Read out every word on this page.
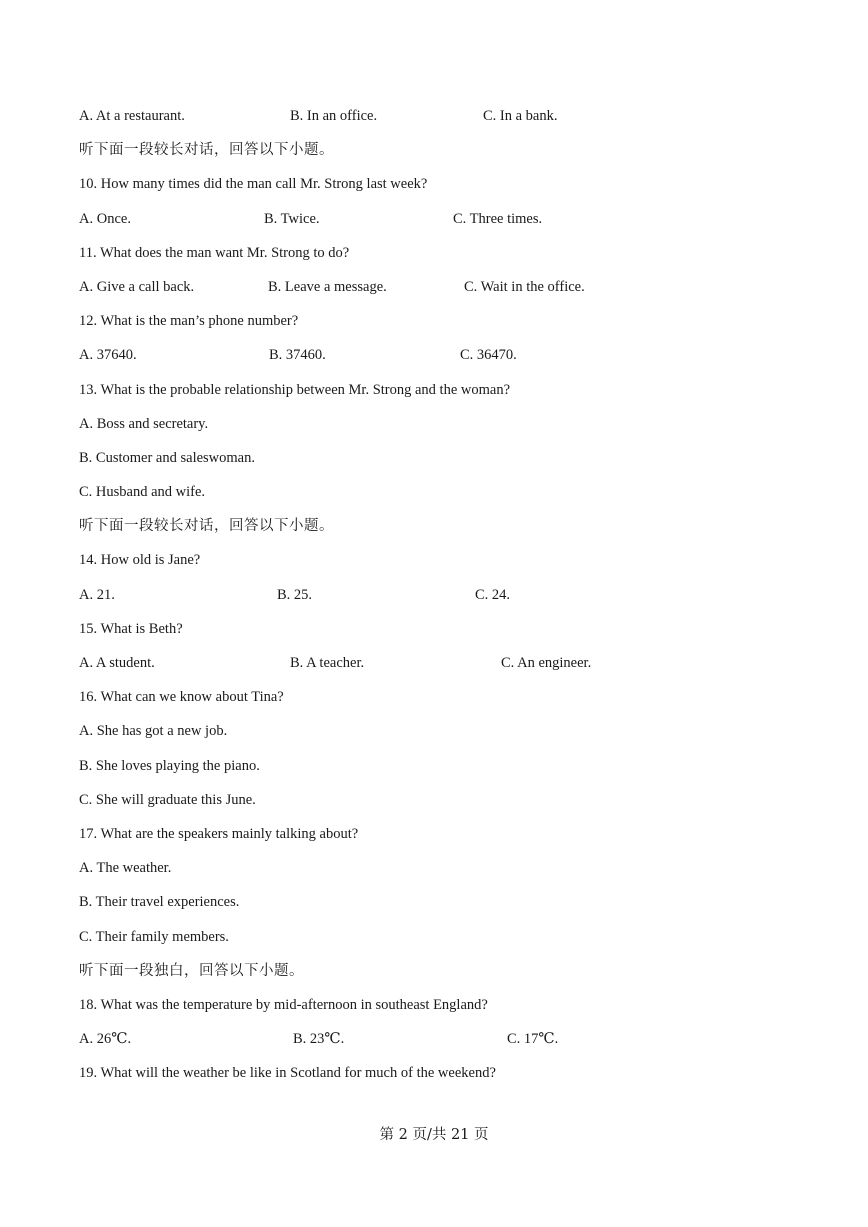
A. At a restaurant.	B. In an office.	C. In a bank.
听下面一段较长对话，回答以下小题。
10. How many times did the man call Mr. Strong last week?
A. Once.	B. Twice.	C. Three times.
11. What does the man want Mr. Strong to do?
A. Give a call back.	B. Leave a message.	C. Wait in the office.
12. What is the man’s phone number?
A. 37640.	B. 37460.	C. 36470.
13. What is the probable relationship between Mr. Strong and the woman?
A. Boss and secretary.
B. Customer and saleswoman.
C. Husband and wife.
听下面一段较长对话，回答以下小题。
14. How old is Jane?
A. 21.	B. 25.	C. 24.
15. What is Beth?
A. A student.	B. A teacher.	C. An engineer.
16. What can we know about Tina?
A. She has got a new job.
B. She loves playing the piano.
C. She will graduate this June.
17. What are the speakers mainly talking about?
A. The weather.
B. Their travel experiences.
C. Their family members.
听下面一段独白，回答以下小题。
18. What was the temperature by mid-afternoon in southeast England?
A. 26℃.	B. 23℃.	C. 17℃.
19. What will the weather be like in Scotland for much of the weekend?
第 2 页/共 21 页
